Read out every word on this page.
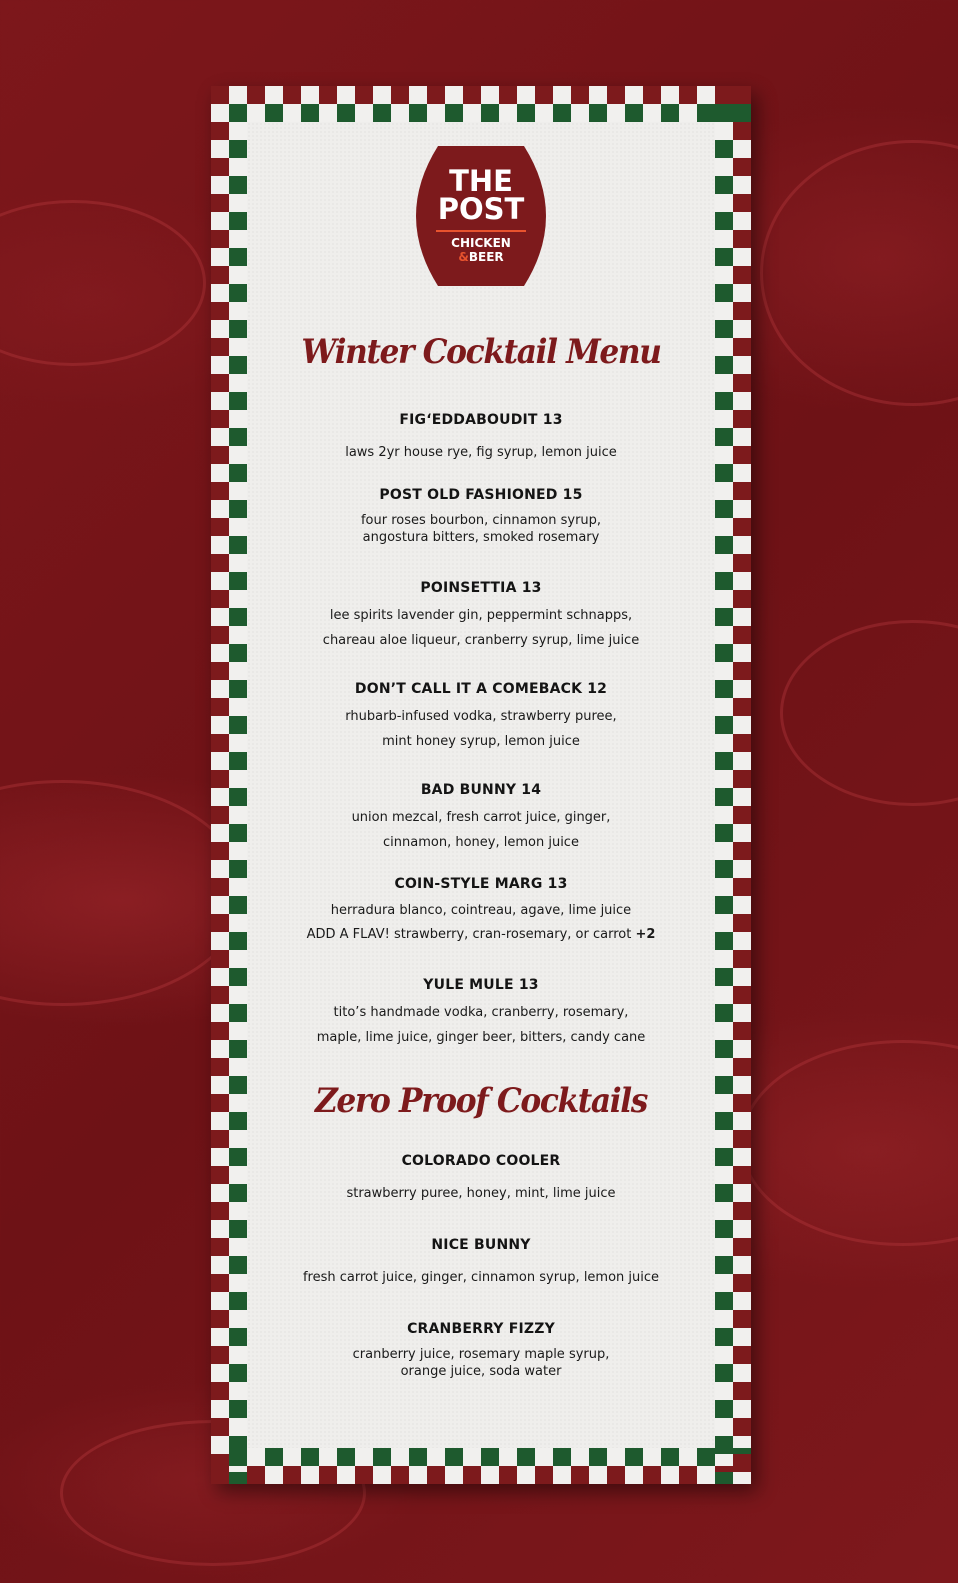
THE
POST
CHICKEN
&BEER
Winter Cocktail Menu
FIG‘EDDABOUDIT 13
laws 2yr house rye, fig syrup, lemon juice
POST OLD FASHIONED 15
four roses bourbon, cinnamon syrup,
angostura bitters, smoked rosemary
POINSETTIA 13
lee spirits lavender gin, peppermint schnapps,
chareau aloe liqueur, cranberry syrup, lime juice
DON’T CALL IT A COMEBACK 12
rhubarb-infused vodka, strawberry puree,
mint honey syrup, lemon juice
BAD BUNNY 14
union mezcal, fresh carrot juice, ginger,
cinnamon, honey, lemon juice
COIN-STYLE MARG 13
herradura blanco, cointreau, agave, lime juice
ADD A FLAV! strawberry, cran-rosemary, or carrot +2
YULE MULE 13
tito’s handmade vodka, cranberry, rosemary,
maple, lime juice, ginger beer, bitters, candy cane
Zero Proof Cocktails
COLORADO COOLER
strawberry puree, honey, mint, lime juice
NICE BUNNY
fresh carrot juice, ginger, cinnamon syrup, lemon juice
CRANBERRY FIZZY
cranberry juice, rosemary maple syrup,
orange juice, soda water
